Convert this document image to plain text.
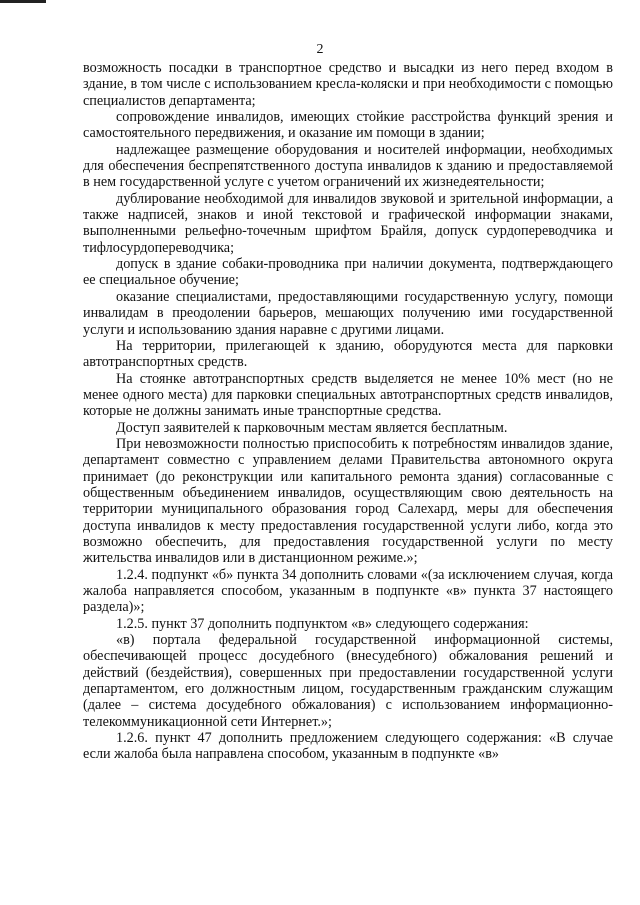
2

возможность посадки в транспортное средство и высадки из него перед входом в здание, в том числе с использованием кресла-коляски и при необходимости с помощью специалистов департамента;

сопровождение инвалидов, имеющих стойкие расстройства функций зрения и самостоятельного передвижения, и оказание им помощи в здании;

надлежащее размещение оборудования и носителей информации, необходимых для обеспечения беспрепятственного доступа инвалидов к зданию и предоставляемой в нем государственной услуге с учетом ограничений их жизнедеятельности;

дублирование необходимой для инвалидов звуковой и зрительной информации, а также надписей, знаков и иной текстовой и графической информации знаками, выполненными рельефно-точечным шрифтом Брайля, допуск сурдопереводчика и тифлосурдопереводчика;

допуск в здание собаки-проводника при наличии документа, подтверждающего ее специальное обучение;

оказание специалистами, предоставляющими государственную услугу, помощи инвалидам в преодолении барьеров, мешающих получению ими государственной услуги и использованию здания наравне с другими лицами.

На территории, прилегающей к зданию, оборудуются места для парковки автотранспортных средств.

На стоянке автотранспортных средств выделяется не менее 10% мест (но не менее одного места) для парковки специальных автотранспортных средств инвалидов, которые не должны занимать иные транспортные средства.

Доступ заявителей к парковочным местам является бесплатным.

При невозможности полностью приспособить к потребностям инвалидов здание, департамент совместно с управлением делами Правительства автономного округа принимает (до реконструкции или капитального ремонта здания) согласованные с общественным объединением инвалидов, осуществляющим свою деятельность на территории муниципального образования город Салехард, меры для обеспечения доступа инвалидов к месту предоставления государственной услуги либо, когда это возможно обеспечить, для предоставления государственной услуги по месту жительства инвалидов или в дистанционном режиме.»;

1.2.4. подпункт «б» пункта 34 дополнить словами «(за исключением случая, когда жалоба направляется способом, указанным в подпункте «в» пункта 37 настоящего раздела)»;

1.2.5. пункт 37 дополнить подпунктом «в» следующего содержания:

«в) портала федеральной государственной информационной системы, обеспечивающей процесс досудебного (внесудебного) обжалования решений и действий (бездействия), совершенных при предоставлении государственной услуги департаментом, его должностным лицом, государственным гражданским служащим (далее – система досудебного обжалования) с использованием информационно-телекоммуникационной сети Интернет.»;

1.2.6. пункт 47 дополнить предложением следующего содержания: «В случае если жалоба была направлена способом, указанным в подпункте «в»
